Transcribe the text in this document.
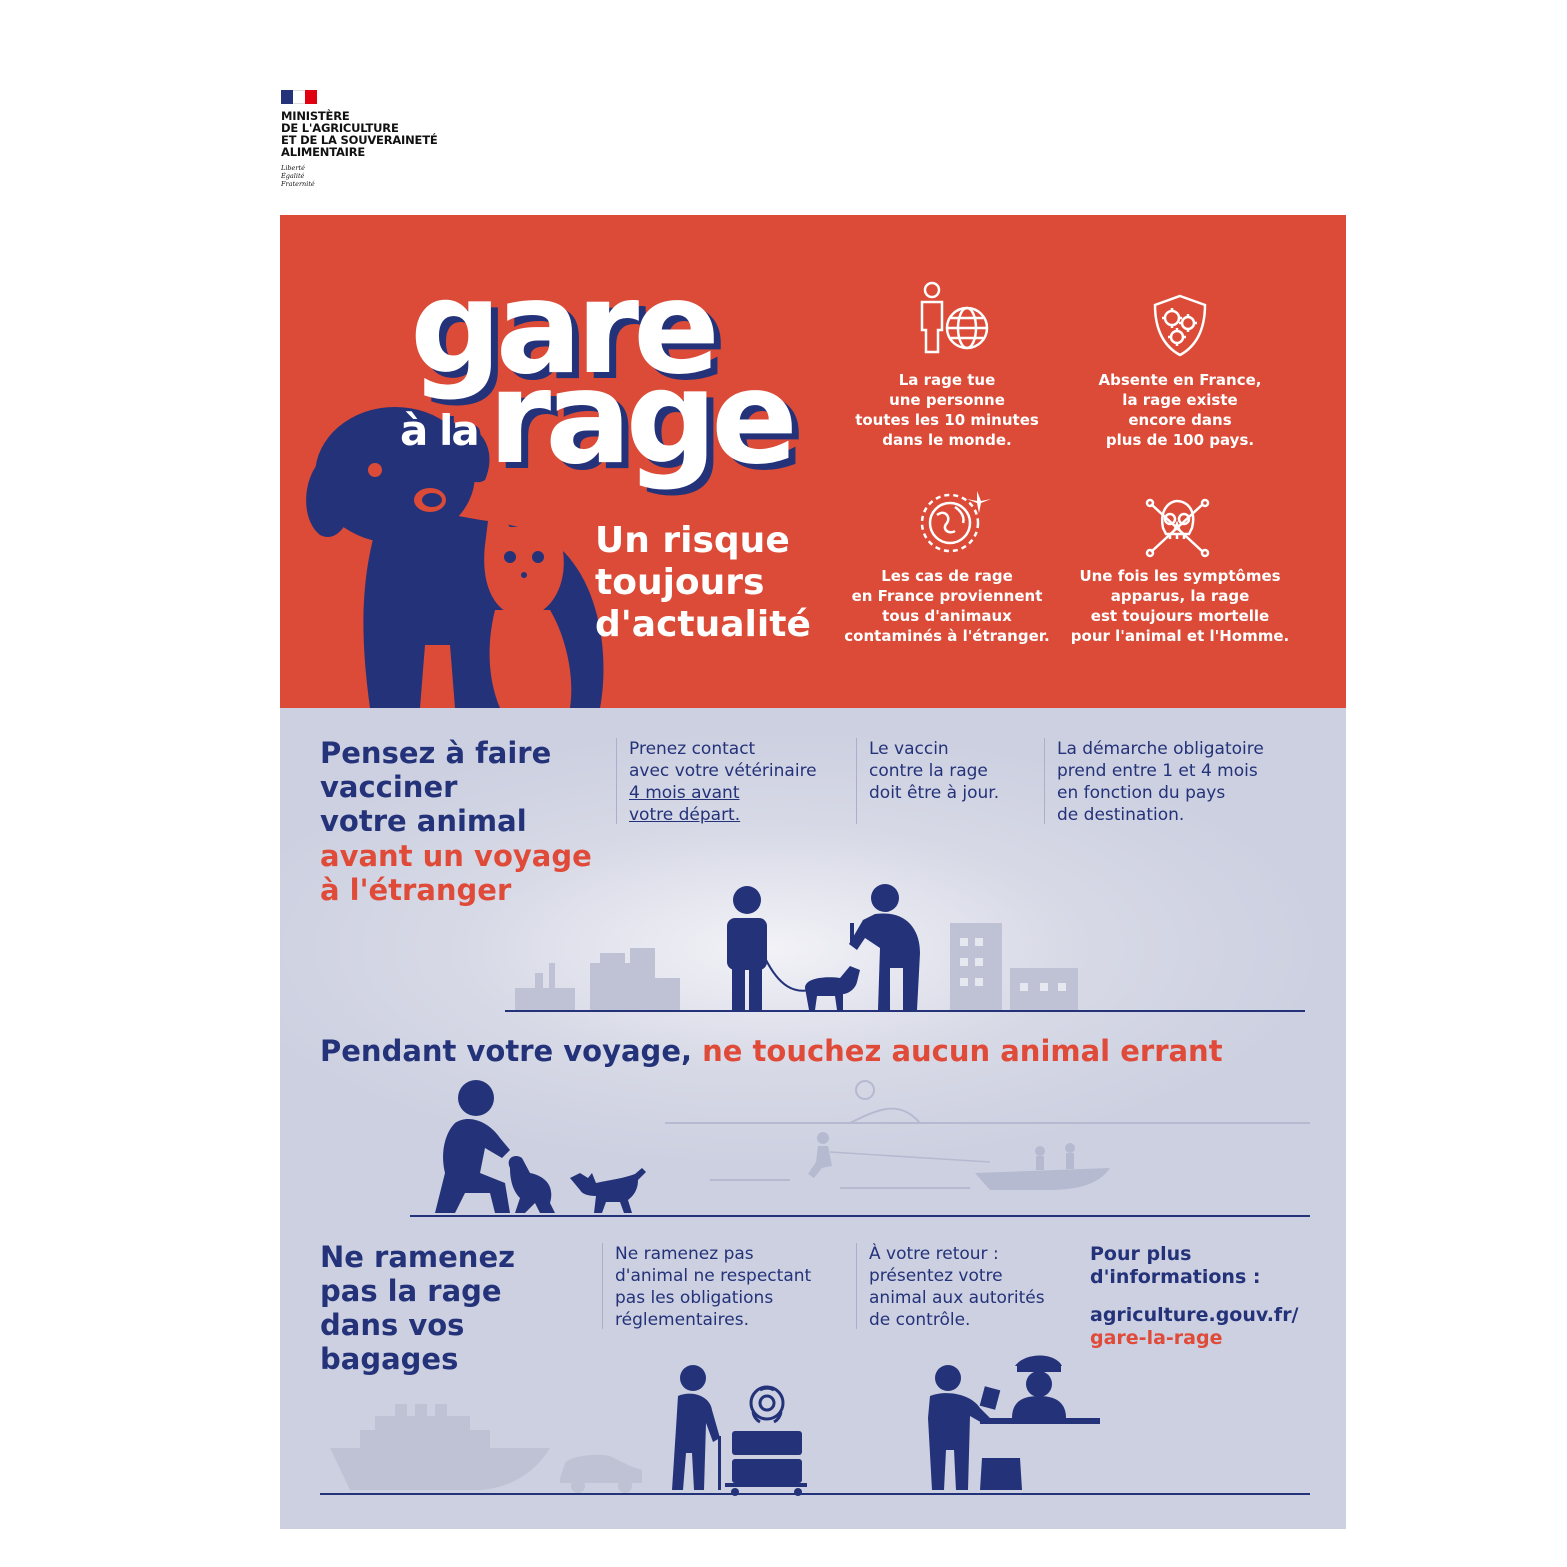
MINISTÈRE
DE L'AGRICULTURE
ET DE LA SOUVERAINETÉ
ALIMENTAIRE
Liberté
Égalité
Fraternité
gare
à la rage
Un risque
toujours
d'actualité
La rage tue
une personne
toutes les 10 minutes
dans le monde.
Absente en France,
la rage existe
encore dans
plus de 100 pays.
Les cas de rage
en France proviennent
tous d'animaux
contaminés à l'étranger.
Une fois les symptômes
apparus, la rage
est toujours mortelle
pour l'animal et l'Homme.
Pensez à faire
vacciner
votre animal
avant un voyage
à l'étranger
Prenez contact
avec votre vétérinaire
4 mois avant
votre départ.
Le vaccin
contre la rage
doit être à jour.
La démarche obligatoire
prend entre 1 et 4 mois
en fonction du pays
de destination.
Pendant votre voyage, ne touchez aucun animal errant
Ne ramenez
pas la rage
dans vos
bagages
Ne ramenez pas
d'animal ne respectant
pas les obligations
réglementaires.
À votre retour :
présentez votre
animal aux autorités
de contrôle.
Pour plus
d'informations :
agriculture.gouv.fr/
gare-la-rage
